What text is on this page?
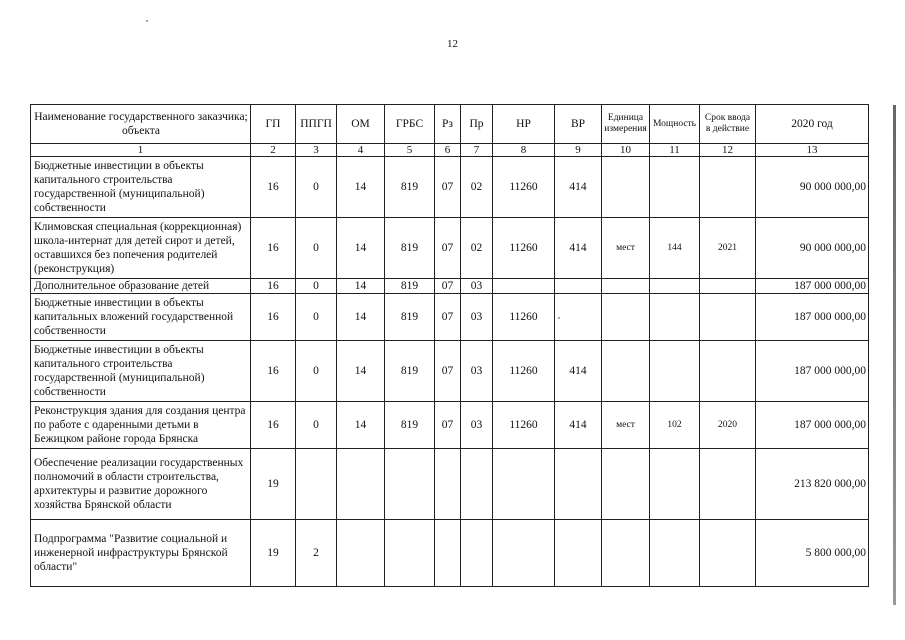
12
Наименование государственного заказчика; объекта	ГП	ППГП	ОМ	ГРБС	Рз	Пр	НР	ВР	Единица измерения	Мощность	Срок ввода в действие	2020 год
1	2	3	4	5	6	7	8	9	10	11	12	13
Бюджетные инвестиции в объекты капитального строительства государственной (муниципальной) собственности	16	0	14	819	07	02	11260	414				90 000 000,00
Климовская специальная (коррекционная) школа-интернат для детей сирот и детей, оставшихся без попечения родителей (реконструкция)	16	0	14	819	07	02	11260	414	мест	144	2021	90 000 000,00
Дополнительное образование детей	16	0	14	819	07	03						187 000 000,00
Бюджетные инвестиции в объекты капитальных вложений государственной собственности	16	0	14	819	07	03	11260					187 000 000,00
Бюджетные инвестиции в объекты капитального строительства государственной (муниципальной) собственности	16	0	14	819	07	03	11260	414				187 000 000,00
Реконструкция здания для создания центра по работе с одаренными детьми в Бежицком районе города Брянска	16	0	14	819	07	03	11260	414	мест	102	2020	187 000 000,00
Обеспечение реализации государственных полномочий в области строительства, архитектуры и развитие дорожного хозяйства Брянской области	19											213 820 000,00
Подпрограмма "Развитие социальной и инженерной инфраструктуры Брянской области"	19	2										5 800 000,00
